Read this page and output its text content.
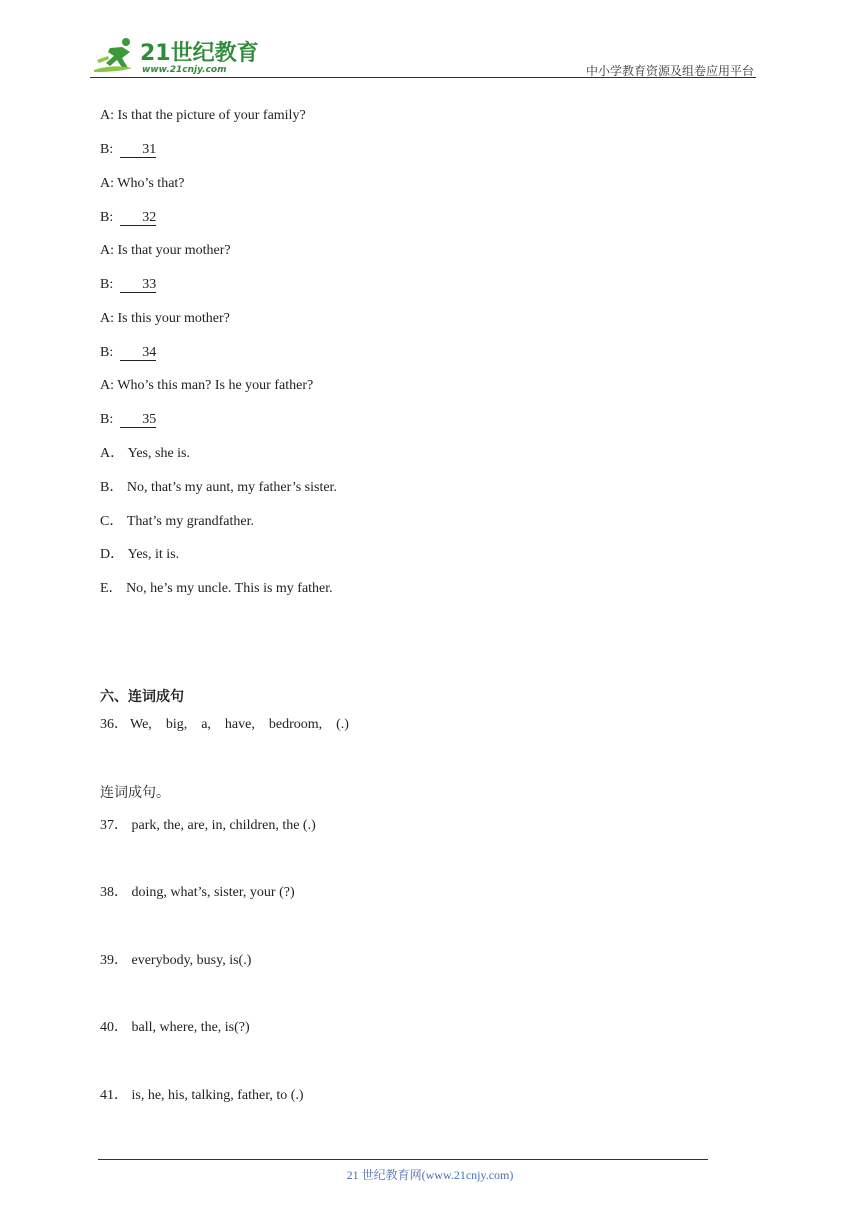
21世纪教育
www.21cnjy.com	中小学教育资源及组卷应用平台
A: Is that the picture of your family?
B: 31
A: Who’s that?
B: 32
A: Is that your mother?
B: 33
A: Is this your mother?
B: 34
A: Who’s this man? Is he your father?
B: 35
A． Yes, she is.
B． No, that’s my aunt, my father’s sister.
C． That’s my grandfather.
D． Yes, it is.
E． No, he’s my uncle. This is my father.
六、连词成句
36． We, big, a, have, bedroom, (.)
连词成句。
37． park, the, are, in, children, the (.)
38． doing, what’s, sister, your (?)
39． everybody, busy, is(.)
40． ball, where, the, is(?)
41． is, he, his, talking, father, to (.)
21 世纪教育网(www.21cnjy.com)
